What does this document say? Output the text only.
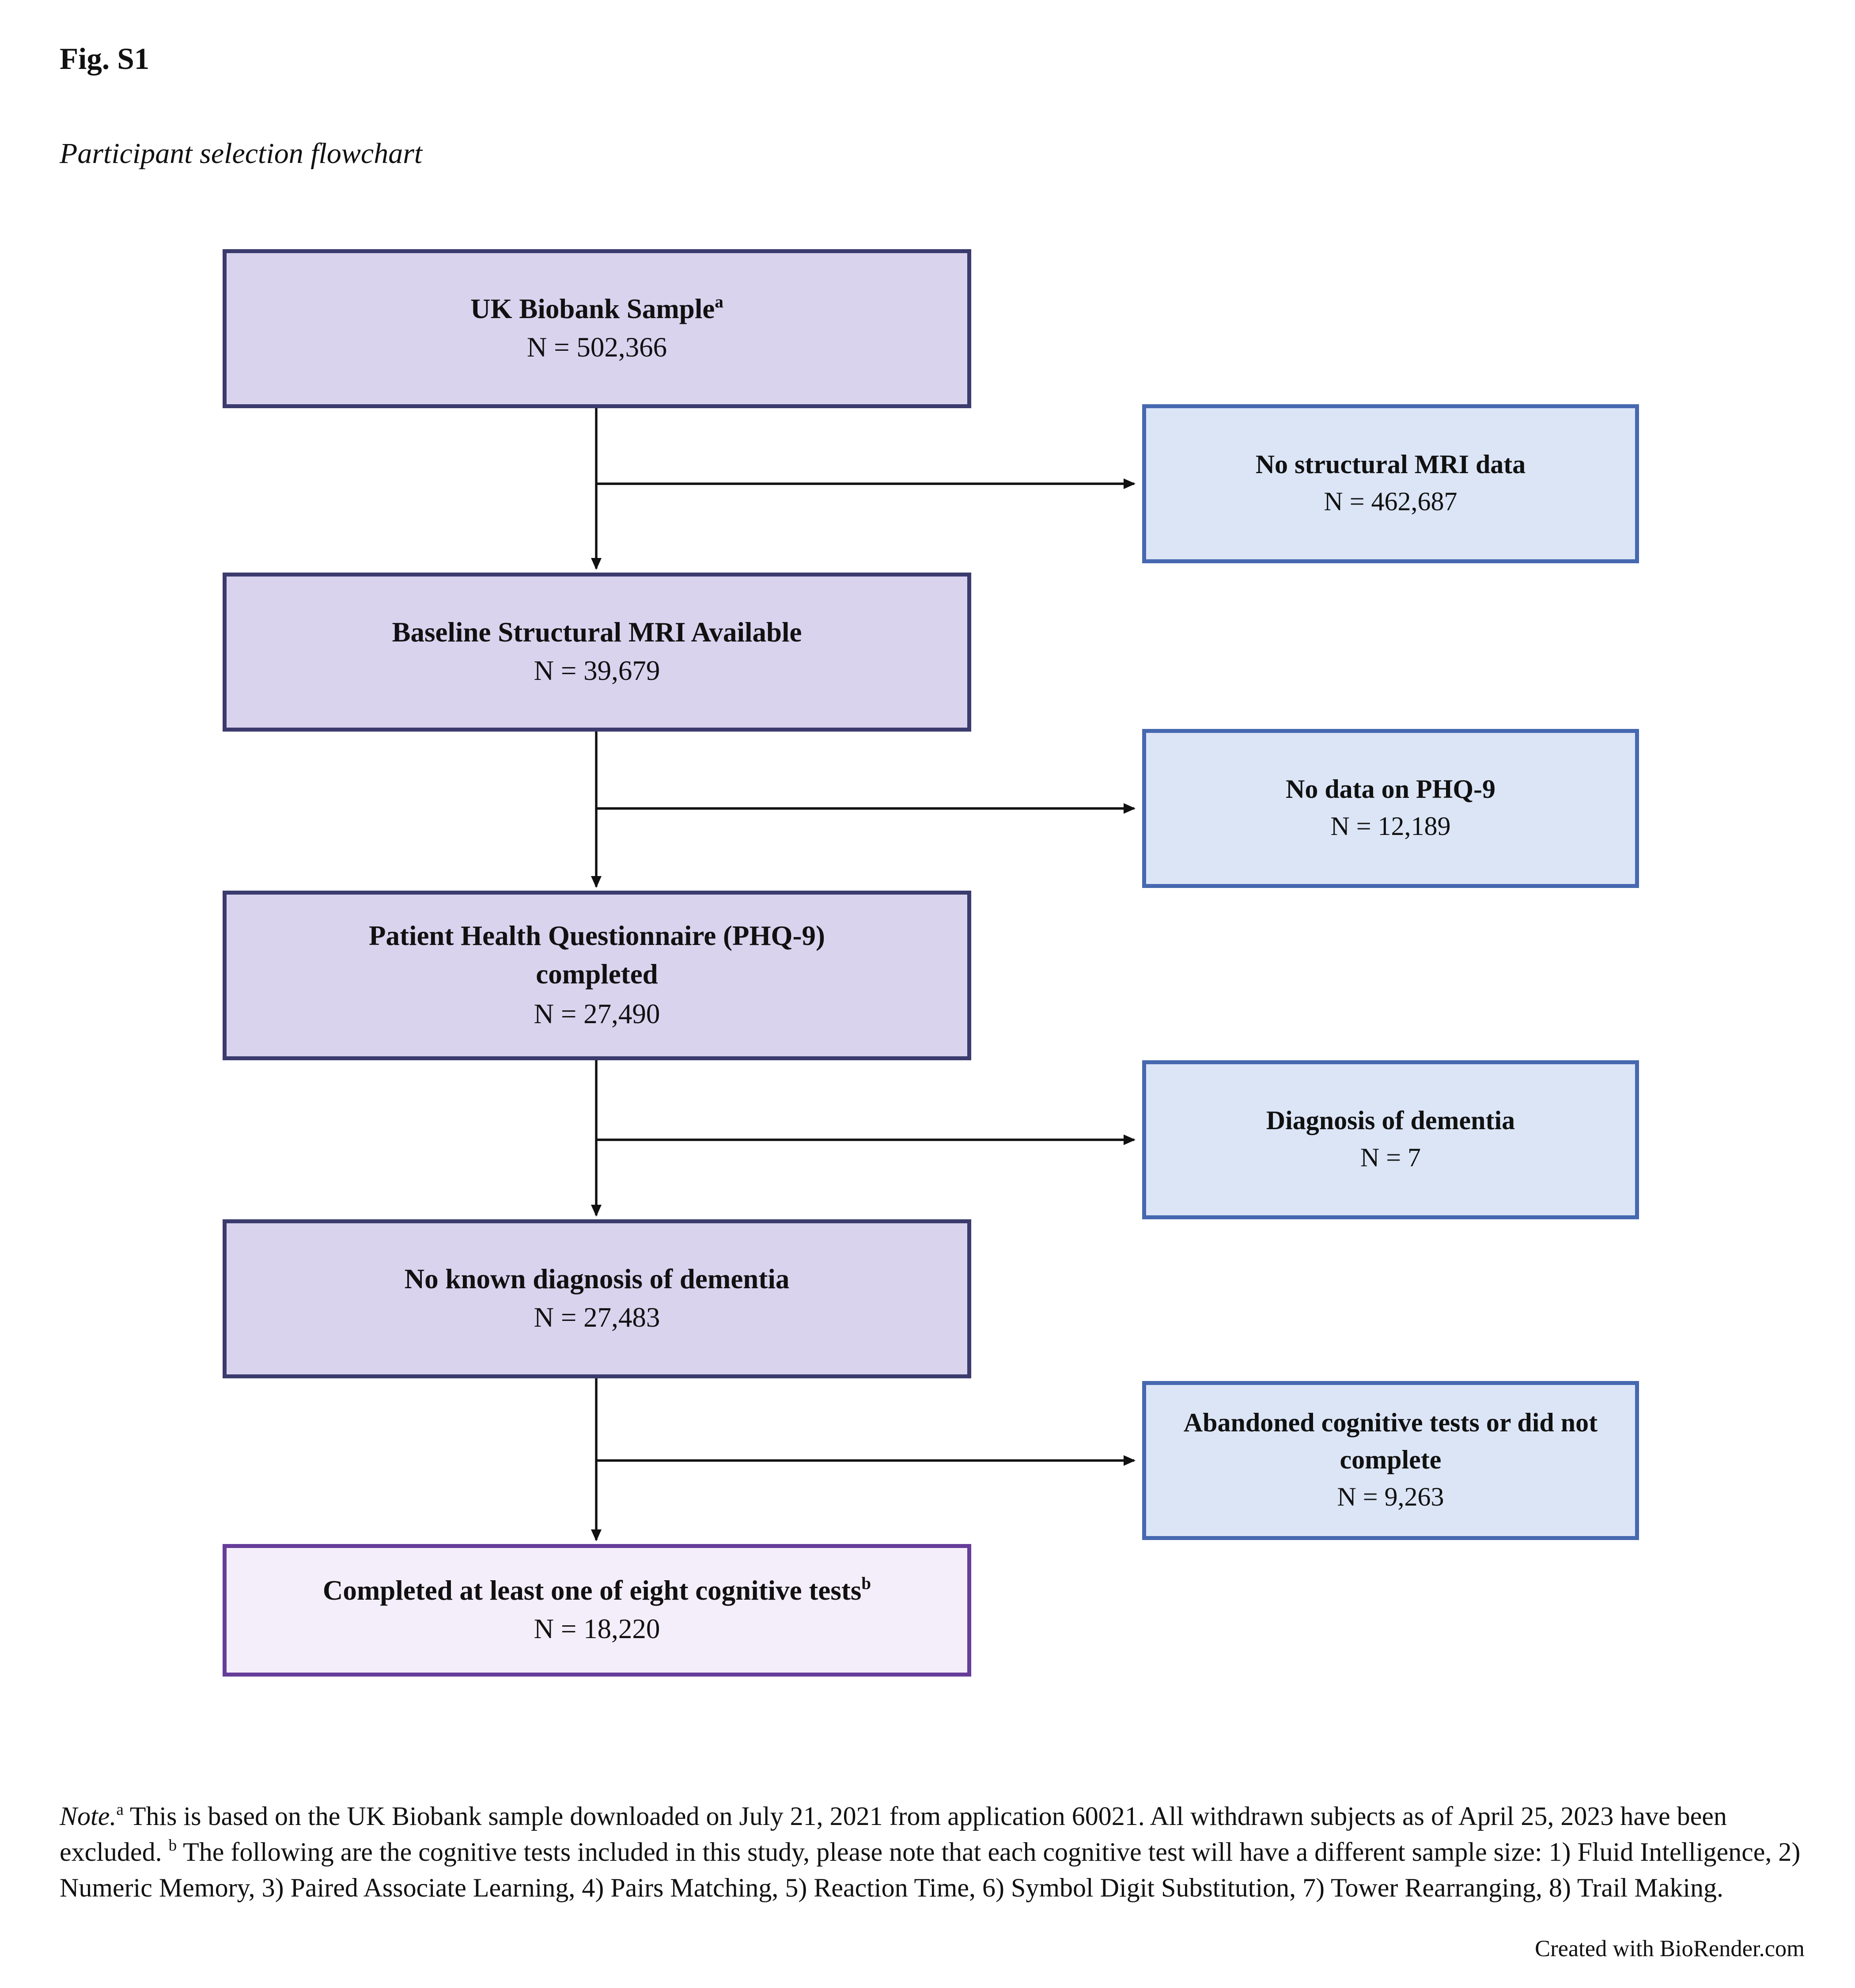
Fig. S1
Participant selection flowchart
UK Biobank Sample$^a$
N = 502,366
Baseline Structural MRI Available
N = 39,679
Patient Health Questionnaire (PHQ-9) completed
N = 27,490
No known diagnosis of dementia
N = 27,483
Completed at least one of eight cognitive tests$^b$
N = 18,220
No structural MRI data
N = 462,687
No data on PHQ-9
N = 12,189
Diagnosis of dementia
N = 7
Abandoned cognitive tests or did not complete
N = 9,263

Note.$^a$ This is based on the UK Biobank sample downloaded on July 21, 2021 from application 60021. All withdrawn subjects as of April 25, 2023 have been excluded. $^b$ The following are the cognitive tests included in this study, please note that each cognitive test will have a different sample size: 1) Fluid Intelligence, 2) Numeric Memory, 3) Paired Associate Learning, 4) Pairs Matching, 5) Reaction Time, 6) Symbol Digit Substitution, 7) Tower Rearranging, 8) Trail Making.

Created with BioRender.com
